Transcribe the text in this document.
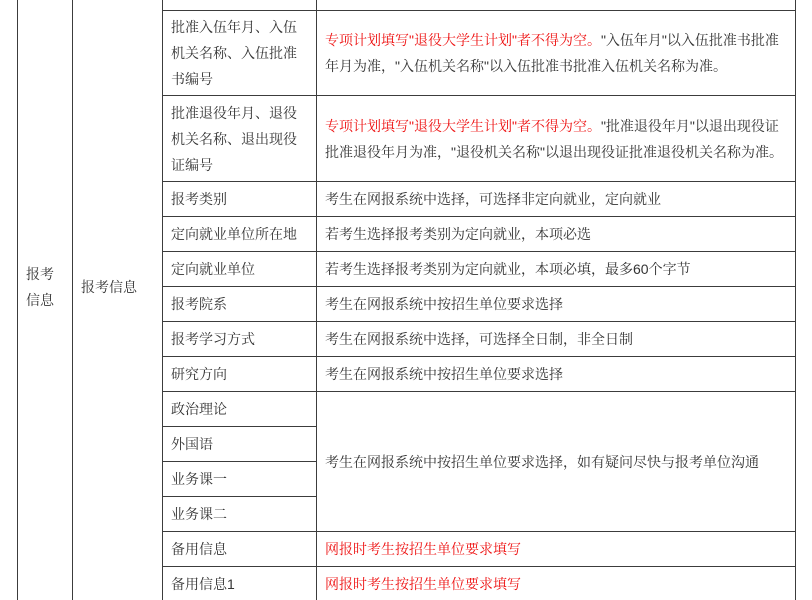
报考信息	报考信息		
		批准入伍年月、入伍机关名称、入伍批准书编号	专项计划填写"退役大学生计划"者不得为空。"入伍年月"以入伍批准书批准年月为准，"入伍机关名称"以入伍批准书批准入伍机关名称为准。
		批准退役年月、退役机关名称、退出现役证编号	专项计划填写"退役大学生计划"者不得为空。"批准退役年月"以退出现役证批准退役年月为准，"退役机关名称"以退出现役证批准退役机关名称为准。
		报考类别	考生在网报系统中选择，可选择非定向就业，定向就业
		定向就业单位所在地	若考生选择报考类别为定向就业，本项必选
		定向就业单位	若考生选择报考类别为定向就业，本项必填，最多60个字节
		报考院系	考生在网报系统中按招生单位要求选择
		报考学习方式	考生在网报系统中选择，可选择全日制，非全日制
		研究方向	考生在网报系统中按招生单位要求选择
		政治理论	考生在网报系统中按招生单位要求选择，如有疑问尽快与报考单位沟通
		外国语	
		业务课一	
		业务课二	
		备用信息	网报时考生按招生单位要求填写
		备用信息1	网报时考生按招生单位要求填写
